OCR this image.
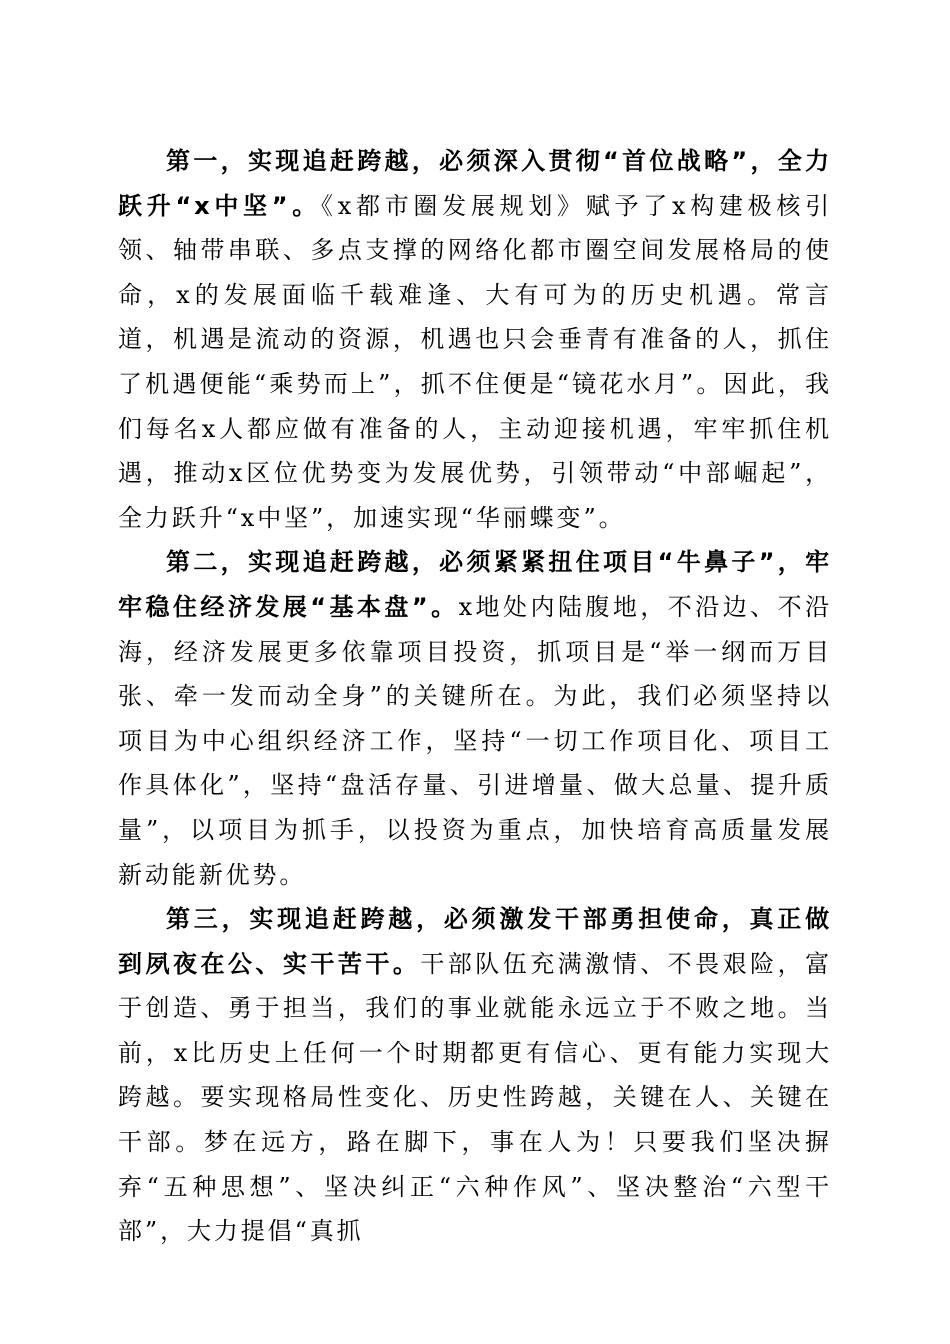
第一，实现追赶跨越，必须深入贯彻“首位战略”，全力跃升“x中坚”。《x都市圈发展规划》赋予了x构建极核引领、轴带串联、多点支撑的网络化都市圈空间发展格局的使命，x的发展面临千载难逢、大有可为的历史机遇。常言道，机遇是流动的资源，机遇也只会垂青有准备的人，抓住了机遇便能“乘势而上”，抓不住便是“镜花水月”。因此，我们每名x人都应做有准备的人，主动迎接机遇，牢牢抓住机遇，推动x区位优势变为发展优势，引领带动“中部崛起”，全力跃升“x中坚”，加速实现“华丽蝶变”。

第二，实现追赶跨越，必须紧紧扭住项目“牛鼻子”，牢牢稳住经济发展“基本盘”。x地处内陆腹地，不沿边、不沿海，经济发展更多依靠项目投资，抓项目是“举一纲而万目张、牵一发而动全身”的关键所在。为此，我们必须坚持以项目为中心组织经济工作，坚持“一切工作项目化、项目工作具体化”，坚持“盘活存量、引进增量、做大总量、提升质量”，以项目为抓手，以投资为重点，加快培育高质量发展新动能新优势。

第三，实现追赶跨越，必须激发干部勇担使命，真正做到夙夜在公、实干苦干。干部队伍充满激情、不畏艰险，富于创造、勇于担当，我们的事业就能永远立于不败之地。当前，x比历史上任何一个时期都更有信心、更有能力实现大跨越。要实现格局性变化、历史性跨越，关键在人、关键在干部。梦在远方，路在脚下，事在人为！只要我们坚决摒弃“五种思想”、坚决纠正“六种作风”、坚决整治“六型干部”，大力提倡“真抓
